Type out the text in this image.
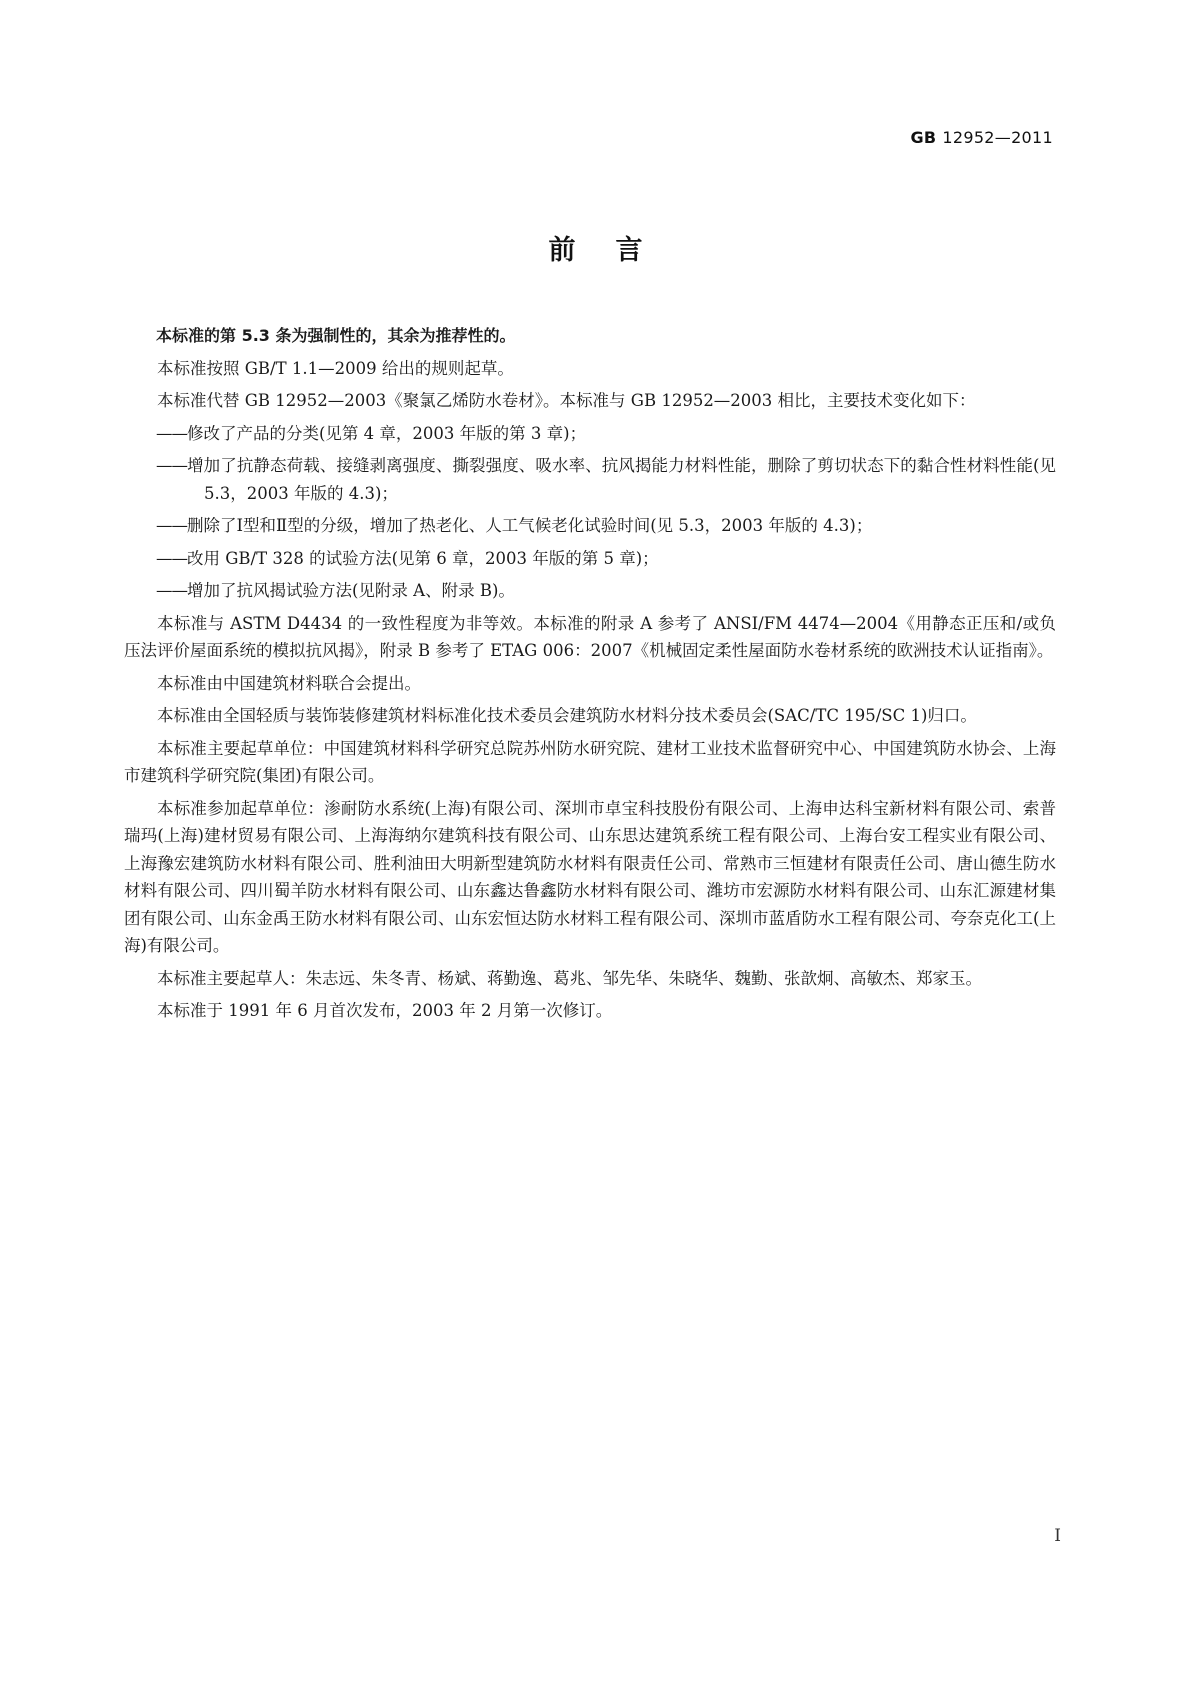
GB 12952—2011
前言

本标准的第 5.3 条为强制性的，其余为推荐性的。

本标准按照 GB/T 1.1—2009 给出的规则起草。

本标准代替 GB 12952—2003《聚氯乙烯防水卷材》。本标准与 GB 12952—2003 相比，主要技术变化如下：

——修改了产品的分类(见第 4 章，2003 年版的第 3 章)；

——增加了抗静态荷载、接缝剥离强度、撕裂强度、吸水率、抗风揭能力材料性能，删除了剪切状态下的黏合性材料性能(见 5.3，2003 年版的 4.3)；

——删除了Ⅰ型和Ⅱ型的分级，增加了热老化、人工气候老化试验时间(见 5.3，2003 年版的 4.3)；

——改用 GB/T 328 的试验方法(见第 6 章，2003 年版的第 5 章)；

——增加了抗风揭试验方法(见附录 A、附录 B)。

本标准与 ASTM D4434 的一致性程度为非等效。本标准的附录 A 参考了 ANSI/FM 4474—2004《用静态正压和/或负压法评价屋面系统的模拟抗风揭》，附录 B 参考了 ETAG 006：2007《机械固定柔性屋面防水卷材系统的欧洲技术认证指南》。

本标准由中国建筑材料联合会提出。

本标准由全国轻质与装饰装修建筑材料标准化技术委员会建筑防水材料分技术委员会(SAC/TC 195/SC 1)归口。

本标准主要起草单位：中国建筑材料科学研究总院苏州防水研究院、建材工业技术监督研究中心、中国建筑防水协会、上海市建筑科学研究院(集团)有限公司。

本标准参加起草单位：渗耐防水系统(上海)有限公司、深圳市卓宝科技股份有限公司、上海申达科宝新材料有限公司、索普瑞玛(上海)建材贸易有限公司、上海海纳尔建筑科技有限公司、山东思达建筑系统工程有限公司、上海台安工程实业有限公司、上海豫宏建筑防水材料有限公司、胜利油田大明新型建筑防水材料有限责任公司、常熟市三恒建材有限责任公司、唐山德生防水材料有限公司、四川蜀羊防水材料有限公司、山东鑫达鲁鑫防水材料有限公司、潍坊市宏源防水材料有限公司、山东汇源建材集团有限公司、山东金禹王防水材料有限公司、山东宏恒达防水材料工程有限公司、深圳市蓝盾防水工程有限公司、夸奈克化工(上海)有限公司。

本标准主要起草人：朱志远、朱冬青、杨斌、蒋勤逸、葛兆、邹先华、朱晓华、魏勤、张歆炯、高敏杰、郑家玉。

本标准于 1991 年 6 月首次发布，2003 年 2 月第一次修订。

I
